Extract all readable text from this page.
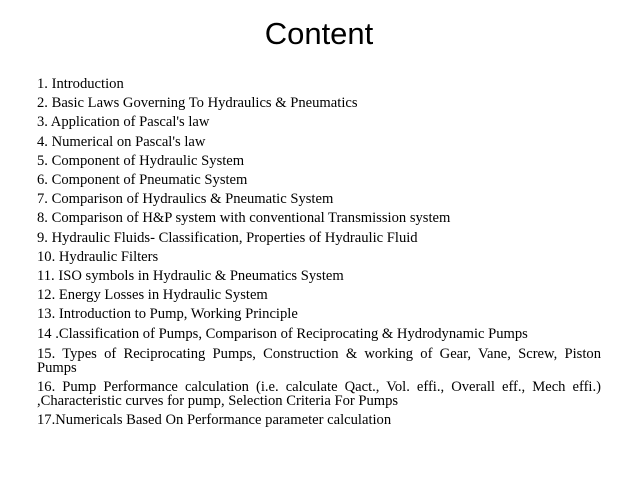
Content
1. Introduction
2. Basic Laws Governing To Hydraulics & Pneumatics
3. Application of Pascal's law
4. Numerical on Pascal's law
5. Component of Hydraulic System
6. Component of Pneumatic System
7. Comparison of Hydraulics & Pneumatic System
8. Comparison of H&P system with conventional Transmission system
9. Hydraulic Fluids- Classification, Properties of Hydraulic Fluid
10. Hydraulic Filters
11. ISO symbols in Hydraulic & Pneumatics System
12. Energy Losses in Hydraulic System
13. Introduction to Pump, Working Principle
14 .Classification of Pumps, Comparison of Reciprocating & Hydrodynamic Pumps
15. Types of Reciprocating Pumps, Construction & working of Gear, Vane, Screw, Piston Pumps
16. Pump Performance calculation (i.e. calculate Qact., Vol. effi., Overall eff., Mech effi.) ,Characteristic curves for pump, Selection Criteria For Pumps
17.Numericals Based On Performance parameter calculation
